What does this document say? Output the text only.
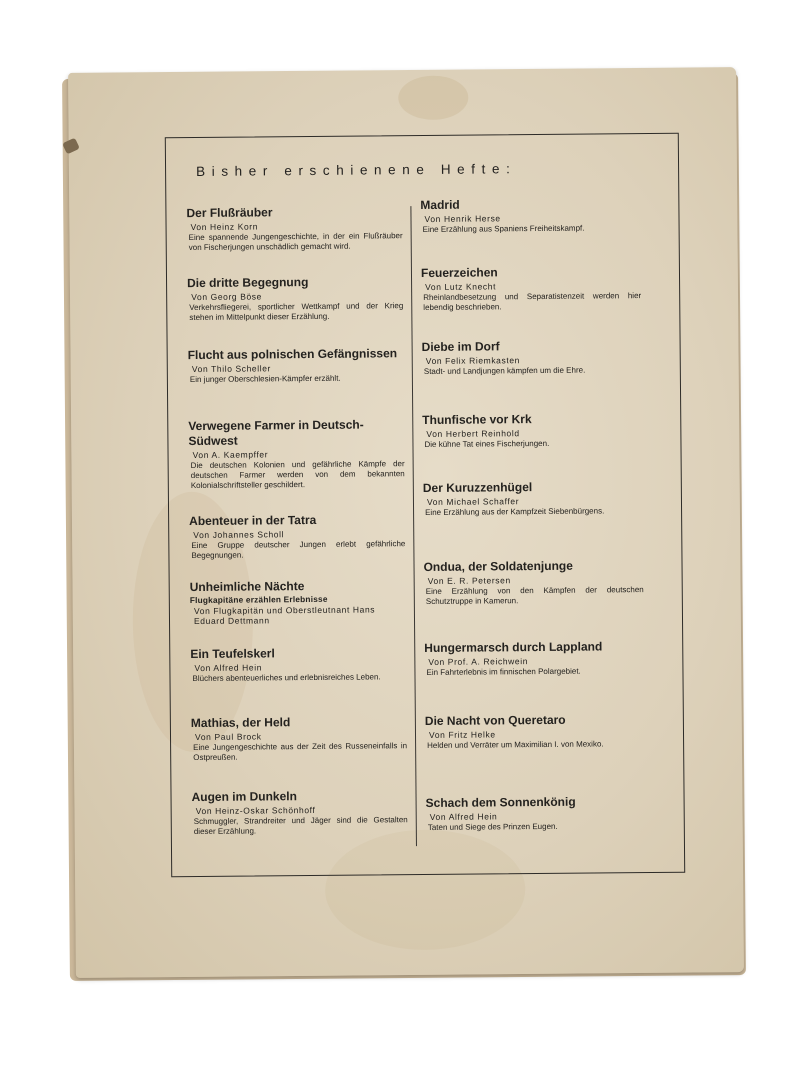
Bisher erschienene Hefte:
Der Flußräuber
Von Heinz Korn
Eine spannende Jungengeschichte, in der ein Flußräuber von Fischerjungen unschädlich gemacht wird.
Die dritte Begegnung
Von Georg Böse
Verkehrsfliegerei, sportlicher Wettkampf und der Krieg stehen im Mittelpunkt dieser Erzählung.
Flucht aus polnischen Gefängnissen
Von Thilo Scheller
Ein junger Oberschlesien-Kämpfer erzählt.
Verwegene Farmer in Deutsch-Südwest
Von A. Kaempffer
Die deutschen Kolonien und gefährliche Kämpfe der deutschen Farmer werden von dem bekannten Kolonialschriftsteller geschildert.
Abenteuer in der Tatra
Von Johannes Scholl
Eine Gruppe deutscher Jungen erlebt gefährliche Begegnungen.
Unheimliche Nächte
Flugkapitäne erzählen Erlebnisse
Von Flugkapitän und Oberstleutnant Hans Eduard Dettmann
Ein Teufelskerl
Von Alfred Hein
Blüchers abenteuerliches und erlebnisreiches Leben.
Mathias, der Held
Von Paul Brock
Eine Jungengeschichte aus der Zeit des Russeneinfalls in Ostpreußen.
Augen im Dunkeln
Von Heinz-Oskar Schönhoff
Schmuggler, Strandreiter und Jäger sind die Gestalten dieser Erzählung.
Madrid
Von Henrik Herse
Eine Erzählung aus Spaniens Freiheitskampf.
Feuerzeichen
Von Lutz Knecht
Rheinlandbesetzung und Separatistenzeit werden hier lebendig beschrieben.
Diebe im Dorf
Von Felix Riemkasten
Stadt- und Landjungen kämpfen um die Ehre.
Thunfische vor Krk
Von Herbert Reinhold
Die kühne Tat eines Fischerjungen.
Der Kuruzzenhügel
Von Michael Schaffer
Eine Erzählung aus der Kampfzeit Siebenbürgens.
Ondua, der Soldatenjunge
Von E. R. Petersen
Eine Erzählung von den Kämpfen der deutschen Schutztruppe in Kamerun.
Hungermarsch durch Lappland
Von Prof. A. Reichwein
Ein Fahrterlebnis im finnischen Polargebiet.
Die Nacht von Queretaro
Von Fritz Helke
Helden und Verräter um Maximilian I. von Mexiko.
Schach dem Sonnenkönig
Von Alfred Hein
Taten und Siege des Prinzen Eugen.
